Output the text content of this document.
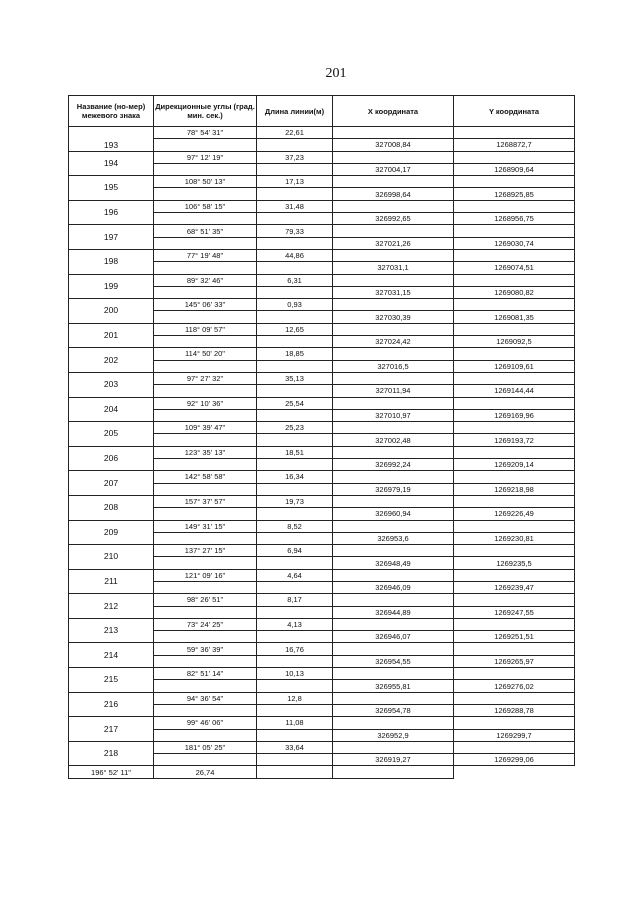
201
Название (но-мер) межевого знака	Дирекционные углы (град. мин. сек.)	Длина линии(м)	X координата	Y координата
193	78° 54' 31"	22,61		
			327008,84	1268872,7
194	97° 12' 19"	37,23		
			327004,17	1268909,64
195	108° 50' 13"	17,13		
			326998,64	1268925,85
196	106° 58' 15"	31,48		
			326992,65	1268956,75
197	68° 51' 35"	79,33		
			327021,26	1269030,74
198	77° 19' 48"	44,86		
			327031,1	1269074,51
199	89° 32' 46"	6,31		
			327031,15	1269080,82
200	145° 06' 33"	0,93		
			327030,39	1269081,35
201	118° 09' 57"	12,65		
			327024,42	1269092,5
202	114° 50' 20"	18,85		
			327016,5	1269109,61
203	97° 27' 32"	35,13		
			327011,94	1269144,44
204	92° 10' 36"	25,54		
			327010,97	1269169,96
205	109° 39' 47"	25,23		
			327002,48	1269193,72
206	123° 35' 13"	18,51		
			326992,24	1269209,14
207	142° 58' 58"	16,34		
			326979,19	1269218,98
208	157° 37' 57"	19,73		
			326960,94	1269226,49
209	149° 31' 15"	8,52		
			326953,6	1269230,81
210	137° 27' 15"	6,94		
			326948,49	1269235,5
211	121° 09' 16"	4,64		
			326946,09	1269239,47
212	98° 26' 51"	8,17		
			326944,89	1269247,55
213	73° 24' 25"	4,13		
			326946,07	1269251,51
214	59° 36' 39"	16,76		
			326954,55	1269265,97
215	82° 51' 14"	10,13		
			326955,81	1269276,02
216	94° 36' 54"	12,8		
			326954,78	1269288,78
217	99° 46' 06"	11,08		
			326952,9	1269299,7
218	181° 05' 25"	33,64		
			326919,27	1269299,06
196° 52' 11"	26,74			
